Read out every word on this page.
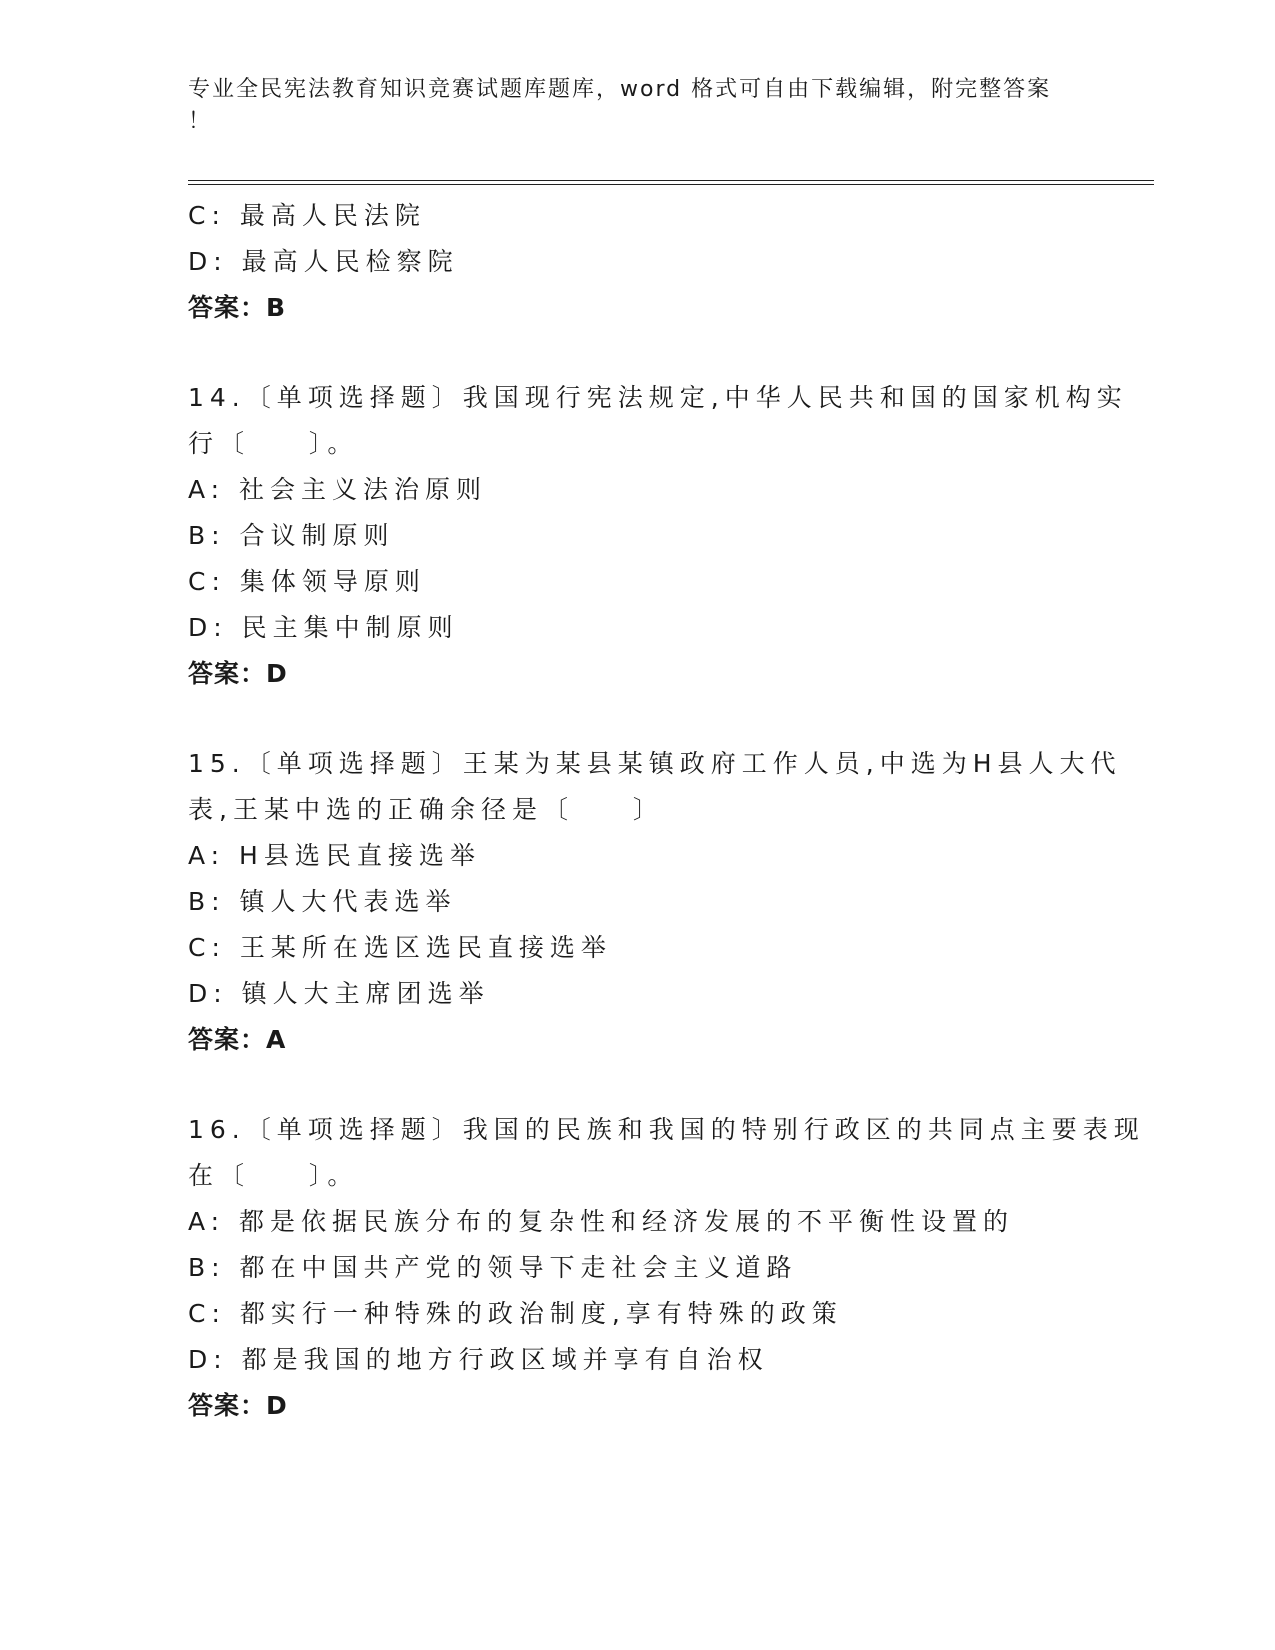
专业全民宪法教育知识竞赛试题库题库，word 格式可自由下载编辑，附完整答案
！
C: 最高人民法院
D: 最高人民检察院
答案：B
14.〔单项选择题〕我国现行宪法规定,中华人民共和国的国家机构实
行〔 　 〕。
A: 社会主义法治原则
B: 合议制原则
C: 集体领导原则
D: 民主集中制原则
答案：D
15.〔单项选择题〕王某为某县某镇政府工作人员,中选为H县人大代
表,王某中选的正确余径是〔 　 〕
A: H县选民直接选举
B: 镇人大代表选举
C: 王某所在选区选民直接选举
D: 镇人大主席团选举
答案：A
16.〔单项选择题〕我国的民族和我国的特别行政区的共同点主要表现
在〔 　 〕。
A: 都是依据民族分布的复杂性和经济发展的不平衡性设置的
B: 都在中国共产党的领导下走社会主义道路
C: 都实行一种特殊的政治制度,享有特殊的政策
D: 都是我国的地方行政区域并享有自治权
答案：D
